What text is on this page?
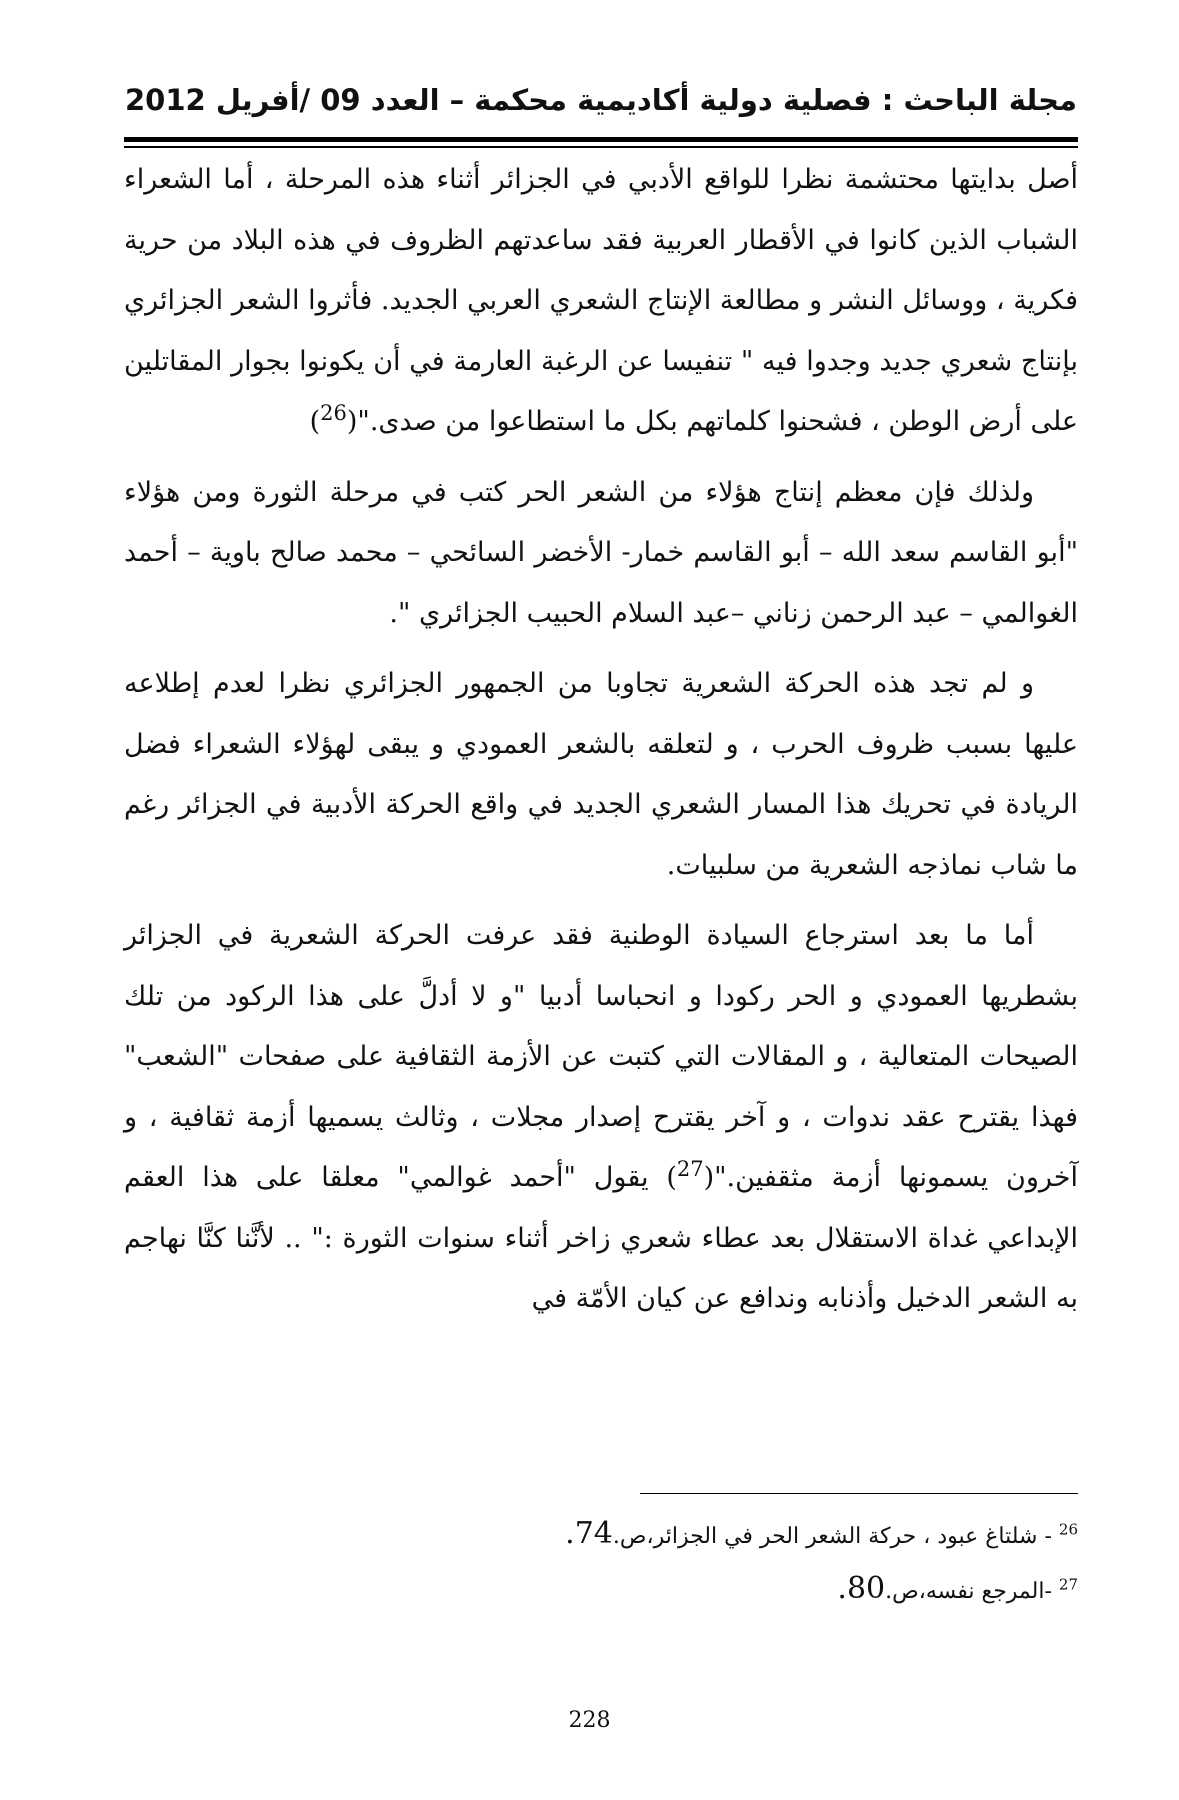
مجلة الباحث : فصلية دولية أكاديمية محكمة – العدد 09 /أفريل 2012

أصل بدايتها محتشمة نظرا للواقع الأدبي في الجزائر أثناء هذه المرحلة ، أما الشعراء الشباب الذين كانوا في الأقطار العربية فقد ساعدتهم الظروف في هذه البلاد من حرية فكرية ، ووسائل النشر و مطالعة الإنتاج الشعري العربي الجديد. فأثروا الشعر الجزائري بإنتاج شعري جديد وجدوا فيه " تنفيسا عن الرغبة العارمة في أن يكونوا بجوار المقاتلين على أرض الوطن ، فشحنوا كلماتهم بكل ما استطاعوا من صدى."($^{26}$)

ولذلك فإن معظم إنتاج هؤلاء من الشعر الحر كتب في مرحلة الثورة ومن هؤلاء "أبو القاسم سعد الله – أبو القاسم خمار- الأخضر السائحي – محمد صالح باوية – أحمد الغوالمي – عبد الرحمن زناني –عبد السلام الحبيب الجزائري ".

و لم تجد هذه الحركة الشعرية تجاوبا من الجمهور الجزائري نظرا لعدم إطلاعه عليها بسبب ظروف الحرب ، و لتعلقه بالشعر العمودي و يبقى لهؤلاء الشعراء فضل الريادة في تحريك هذا المسار الشعري الجديد في واقع الحركة الأدبية في الجزائر رغم ما شاب نماذجه الشعرية من سلبيات.

أما ما بعد استرجاع السيادة الوطنية فقد عرفت الحركة الشعرية في الجزائر بشطريها العمودي و الحر ركودا و انحباسا أدبيا "و لا أدلَّ على هذا الركود من تلك الصيحات المتعالية ، و المقالات التي كتبت عن الأزمة الثقافية على صفحات "الشعب" فهذا يقترح عقد ندوات ، و آخر يقترح إصدار مجلات ، وثالث يسميها أزمة ثقافية ، و آخرون يسمونها أزمة مثقفين."($^{27}$) يقول "أحمد غوالمي" معلقا على هذا العقم الإبداعي غداة الاستقلال بعد عطاء شعري زاخر أثناء سنوات الثورة :" .. لأنَّنا كنَّا نهاجم به الشعر الدخيل وأذنابه وندافع عن كيان الأمّة في

$^{26}$ - شلتاغ عبود ، حركة الشعر الحر في الجزائر،ص.74.
$^{27}$ -المرجع نفسه،ص.80.
228
